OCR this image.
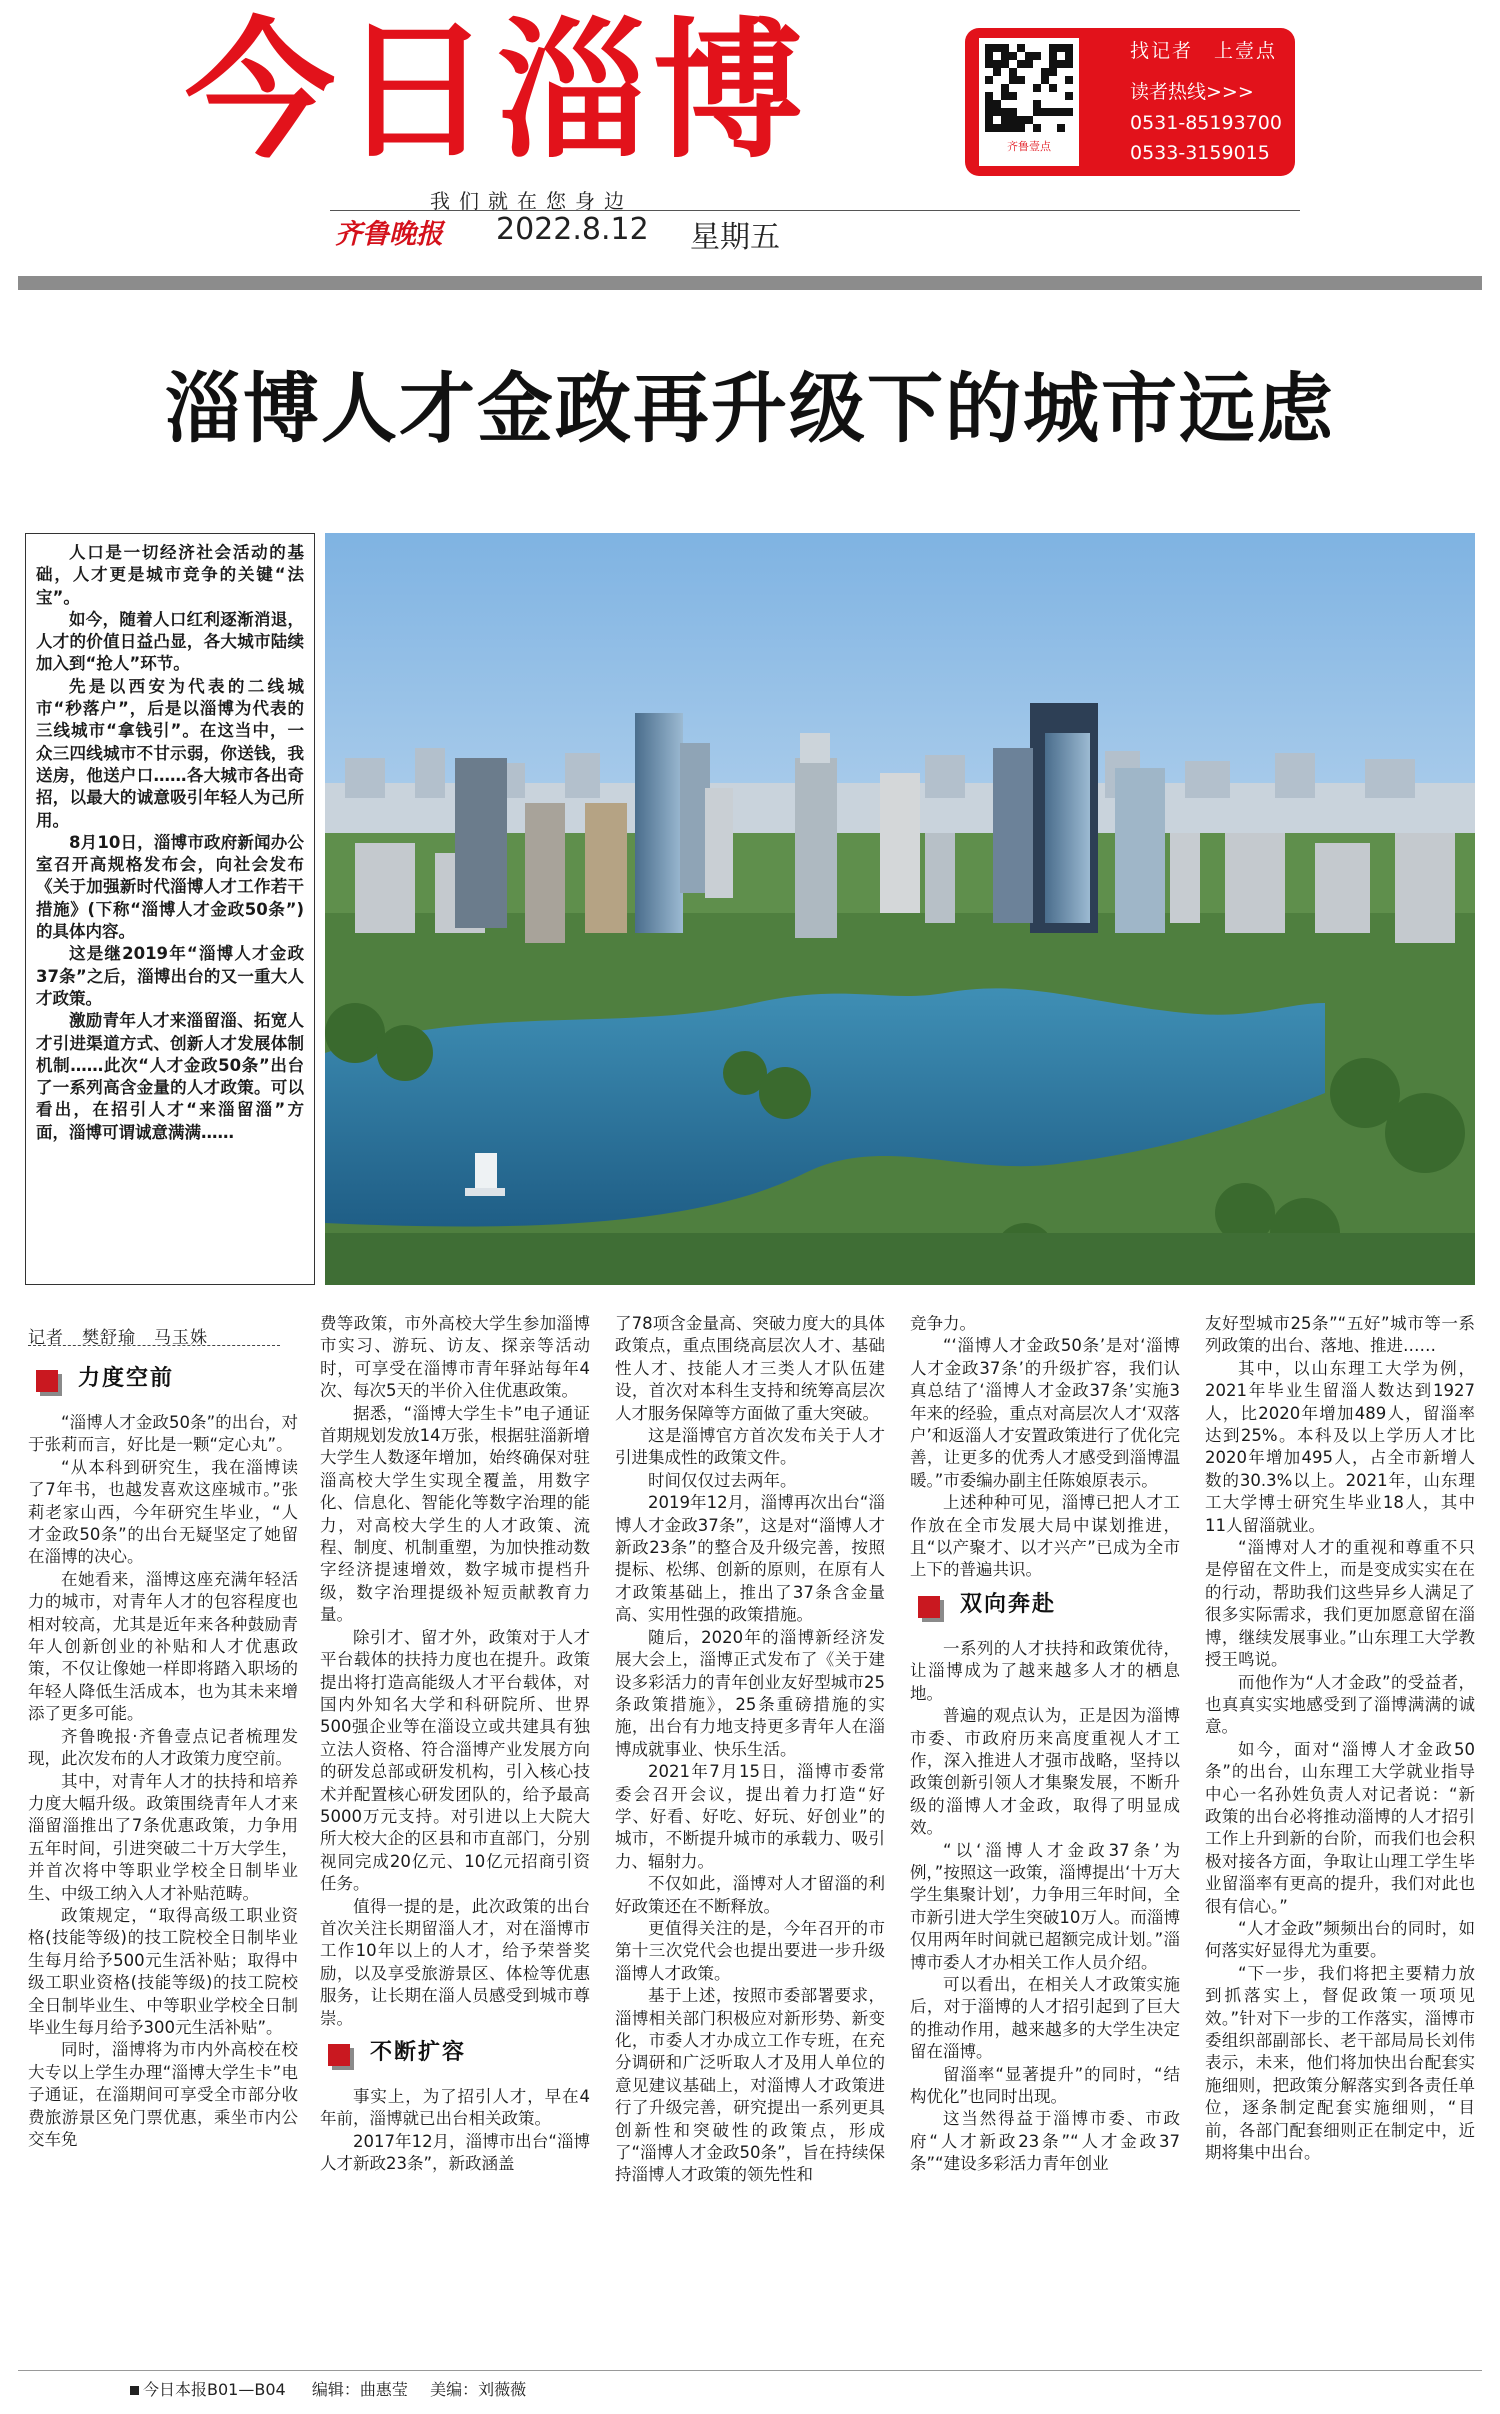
今日淄博	齐鲁壹点
找记者　上壹点
读者热线>>>
0531-85193700
0533-3159015
我们就在您身边
齐鲁晚报 2022.8.12 星期五
淄博人才金政再升级下的城市远虑

人口是一切经济社会活动的基础，人才更是城市竞争的关键“法宝”。

如今，随着人口红利逐渐消退，人才的价值日益凸显，各大城市陆续加入到“抢人”环节。

先是以西安为代表的二线城市“秒落户”，后是以淄博为代表的三线城市“拿钱引”。在这当中，一众三四线城市不甘示弱，你送钱，我送房，他送户口……各大城市各出奇招，以最大的诚意吸引年轻人为己所用。

8月10日，淄博市政府新闻办公室召开高规格发布会，向社会发布《关于加强新时代淄博人才工作若干措施》(下称“淄博人才金政50条”)的具体内容。

这是继2019年“淄博人才金政37条”之后，淄博出台的又一重大人才政策。

激励青年人才来淄留淄、拓宽人才引进渠道方式、创新人才发展体制机制……此次“人才金政50条”出台了一系列高含金量的人才政策。可以看出，在招引人才“来淄留淄”方面，淄博可谓诚意满满……

记者　樊舒瑜　马玉姝
力度空前

“淄博人才金政50条”的出台，对于张莉而言，好比是一颗“定心丸”。

“从本科到研究生，我在淄博读了7年书，也越发喜欢这座城市。”张莉老家山西，今年研究生毕业，“人才金政50条”的出台无疑坚定了她留在淄博的决心。

在她看来，淄博这座充满年轻活力的城市，对青年人才的包容程度也相对较高，尤其是近年来各种鼓励青年人创新创业的补贴和人才优惠政策，不仅让像她一样即将踏入职场的年轻人降低生活成本，也为其未来增添了更多可能。

齐鲁晚报·齐鲁壹点记者梳理发现，此次发布的人才政策力度空前。

其中，对青年人才的扶持和培养力度大幅升级。政策围绕青年人才来淄留淄推出了7条优惠政策，力争用五年时间，引进突破二十万大学生，并首次将中等职业学校全日制毕业生、中级工纳入人才补贴范畴。

政策规定，“取得高级工职业资格(技能等级)的技工院校全日制毕业生每月给予500元生活补贴；取得中级工职业资格(技能等级)的技工院校全日制毕业生、中等职业学校全日制毕业生每月给予300元生活补贴”。

同时，淄博将为市内外高校在校大专以上学生办理“淄博大学生卡”电子通证，在淄期间可享受全市部分收费旅游景区免门票优惠，乘坐市内公交车免

费等政策，市外高校大学生参加淄博市实习、游玩、访友、探亲等活动时，可享受在淄博市青年驿站每年4次、每次5天的半价入住优惠政策。

据悉，“淄博大学生卡”电子通证首期规划发放14万张，根据驻淄新增大学生人数逐年增加，始终确保对驻淄高校大学生实现全覆盖，用数字化、信息化、智能化等数字治理的能力，对高校大学生的人才政策、流程、制度、机制重塑，为加快推动数字经济提速增效，数字城市提档升级，数字治理提级补短贡献教育力量。

除引才、留才外，政策对于人才平台载体的扶持力度也在提升。政策提出将打造高能级人才平台载体，对国内外知名大学和科研院所、世界500强企业等在淄设立或共建具有独立法人资格、符合淄博产业发展方向的研发总部或研发机构，引入核心技术并配置核心研发团队的，给予最高5000万元支持。对引进以上大院大所大校大企的区县和市直部门，分别视同完成20亿元、10亿元招商引资任务。

值得一提的是，此次政策的出台首次关注长期留淄人才，对在淄博市工作10年以上的人才，给予荣誉奖励，以及享受旅游景区、体检等优惠服务，让长期在淄人员感受到城市尊崇。

不断扩容

事实上，为了招引人才，早在4年前，淄博就已出台相关政策。

2017年12月，淄博市出台“淄博人才新政23条”，新政涵盖

了78项含金量高、突破力度大的具体政策点，重点围绕高层次人才、基础性人才、技能人才三类人才队伍建设，首次对本科生支持和统筹高层次人才服务保障等方面做了重大突破。

这是淄博官方首次发布关于人才引进集成性的政策文件。

时间仅仅过去两年。

2019年12月，淄博再次出台“淄博人才金政37条”，这是对“淄博人才新政23条”的整合及升级完善，按照提标、松绑、创新的原则，在原有人才政策基础上，推出了37条含金量高、实用性强的政策措施。

随后，2020年的淄博新经济发展大会上，淄博正式发布了《关于建设多彩活力的青年创业友好型城市25条政策措施》，25条重磅措施的实施，出台有力地支持更多青年人在淄博成就事业、快乐生活。

2021年7月15日，淄博市委常委会召开会议，提出着力打造“好学、好看、好吃、好玩、好创业”的城市，不断提升城市的承载力、吸引力、辐射力。

不仅如此，淄博对人才留淄的利好政策还在不断释放。

更值得关注的是，今年召开的市第十三次党代会也提出要进一步升级淄博人才政策。

基于上述，按照市委部署要求，淄博相关部门积极应对新形势、新变化，市委人才办成立工作专班，在充分调研和广泛听取人才及用人单位的意见建议基础上，对淄博人才政策进行了升级完善，研究提出一系列更具创新性和突破性的政策点，形成了“淄博人才金政50条”，旨在持续保持淄博人才政策的领先性和

竞争力。

“‘淄博人才金政50条’是对‘淄博人才金政37条’的升级扩容，我们认真总结了‘淄博人才金政37条’实施3年来的经验，重点对高层次人才‘双落户’和返淄人才安置政策进行了优化完善，让更多的优秀人才感受到淄博温暖。”市委编办副主任陈娘原表示。

上述种种可见，淄博已把人才工作放在全市发展大局中谋划推进，且“以产聚才、以才兴产”已成为全市上下的普遍共识。

双向奔赴

一系列的人才扶持和政策优待，让淄博成为了越来越多人才的栖息地。

普遍的观点认为，正是因为淄博市委、市政府历来高度重视人才工作，深入推进人才强市战略，坚持以政策创新引领人才集聚发展，不断升级的淄博人才金政，取得了明显成效。

“以‘淄博人才金政37条’为例，”按照这一政策，淄博提出‘十万大学生集聚计划’，力争用三年时间，全市新引进大学生突破10万人。而淄博仅用两年时间就已超额完成计划。”淄博市委人才办相关工作人员介绍。

可以看出，在相关人才政策实施后，对于淄博的人才招引起到了巨大的推动作用，越来越多的大学生决定留在淄博。

留淄率“显著提升”的同时，“结构优化”也同时出现。

这当然得益于淄博市委、市政府“人才新政23条”“人才金政37条”“建设多彩活力青年创业

友好型城市25条”“五好”城市等一系列政策的出台、落地、推进……

其中，以山东理工大学为例，2021年毕业生留淄人数达到1927人，比2020年增加489人，留淄率达到25%。本科及以上学历人才比2020年增加495人，占全市新增人数的30.3%以上。2021年，山东理工大学博士研究生毕业18人，其中11人留淄就业。

“淄博对人才的重视和尊重不只是停留在文件上，而是变成实实在在的行动，帮助我们这些异乡人满足了很多实际需求，我们更加愿意留在淄博，继续发展事业。”山东理工大学教授王鸣说。

而他作为“人才金政”的受益者，也真真实实地感受到了淄博满满的诚意。

如今，面对“淄博人才金政50条”的出台，山东理工大学就业指导中心一名孙姓负责人对记者说：“新政策的出台必将推动淄博的人才招引工作上升到新的台阶，而我们也会积极对接各方面，争取让山理工学生毕业留淄率有更高的提升，我们对此也很有信心。”

“人才金政”频频出台的同时，如何落实好显得尤为重要。

“下一步，我们将把主要精力放到抓落实上，督促政策一项项见效。”针对下一步的工作落实，淄博市委组织部副部长、老干部局局长刘伟表示，未来，他们将加快出台配套实施细则，把政策分解落实到各责任单位，逐条制定配套实施细则，“目前，各部门配套细则正在制定中，近期将集中出台。

今日本报B01—B04 编辑：曲惠莹 美编：刘薇薇
